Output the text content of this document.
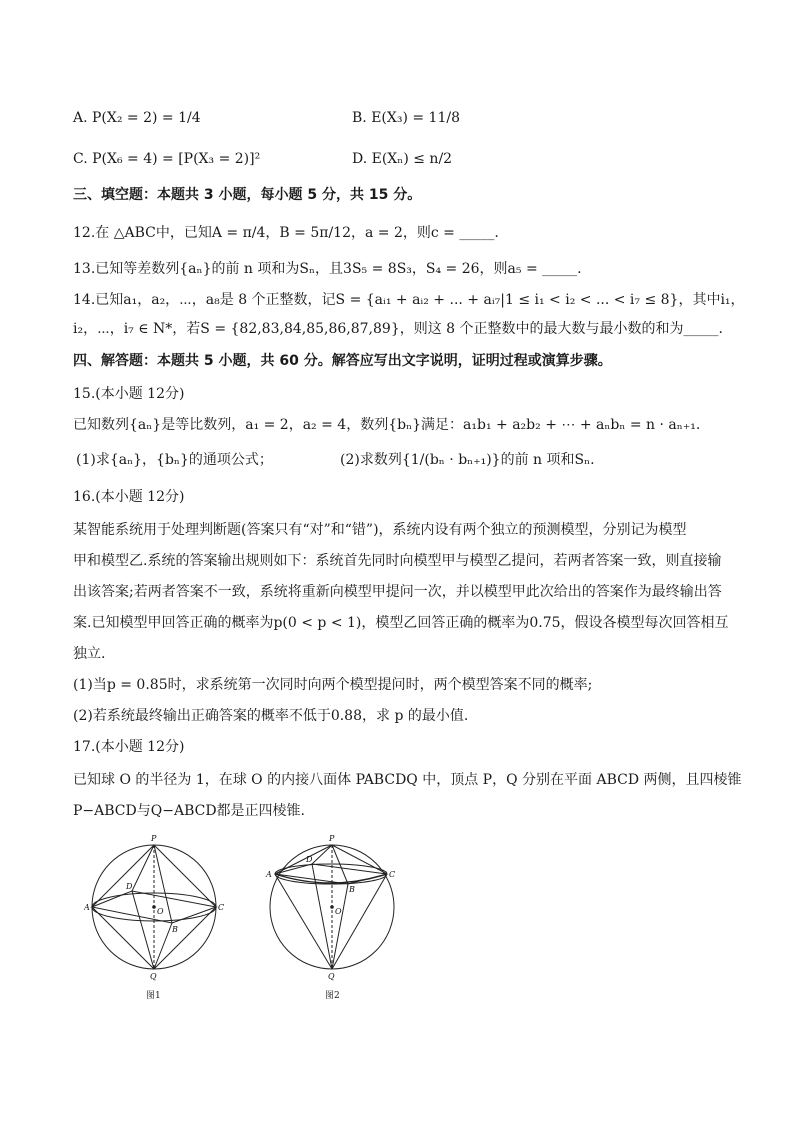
A. P(X₂ = 2) = 1/4	B. E(X₃) = 11/8
C. P(X₆ = 4) = [P(X₃ = 2)]²	D. E(Xₙ) ≤ n/2
三、填空题：本题共 3 小题，每小题 5 分，共 15 分。
12.在 △ABC中，已知A = π/4，B = 5π/12，a = 2，则c = _____.
13.已知等差数列{aₙ}的前 n 项和为Sₙ，且3S₅ = 8S₃，S₄ = 26，则a₅ = _____.
14.已知a₁，a₂，⋯，a₈是 8 个正整数，记S = {aᵢ₁ + aᵢ₂ + ... + aᵢ₇|1 ≤ i₁ < i₂ < ... < i₇ ≤ 8}，其中i₁，
i₂，⋯，i₇ ∈ N*，若S = {82,83,84,85,86,87,89}，则这 8 个正整数中的最大数与最小数的和为_____.
四、解答题：本题共 5 小题，共 60 分。解答应写出文字说明，证明过程或演算步骤。
15.(本小题 12分)
已知数列{aₙ}是等比数列，a₁ = 2，a₂ = 4，数列{bₙ}满足：a₁b₁ + a₂b₂ + ⋯ + aₙbₙ = n · aₙ₊₁.
(1)求{aₙ}，{bₙ}的通项公式；	(2)求数列{1/(bₙ · bₙ₊₁)}的前 n 项和Sₙ.
16.(本小题 12分)
某智能系统用于处理判断题(答案只有“对”和“错”)，系统内设有两个独立的预测模型，分别记为模型
甲和模型乙.系统的答案输出规则如下：系统首先同时向模型甲与模型乙提问，若两者答案一致，则直接输
出该答案;若两者答案不一致，系统将重新向模型甲提问一次，并以模型甲此次给出的答案作为最终输出答
案.已知模型甲回答正确的概率为p(0 < p < 1)，模型乙回答正确的概率为0.75，假设各模型每次回答相互
独立.
(1)当p = 0.85时，求系统第一次同时向两个模型提问时，两个模型答案不同的概率;
(2)若系统最终输出正确答案的概率不低于0.88，求 p 的最小值.
17.(本小题 12分)
已知球 O 的半径为 1，在球 O 的内接八面体 PABCDQ 中，顶点 P，Q 分别在平面 ABCD 两侧，且四棱锥
P−ABCD与Q−ABCD都是正四棱锥.
P
Q
A	C
D
B
O
图1
P
Q
A	C
D
B
O
图2
